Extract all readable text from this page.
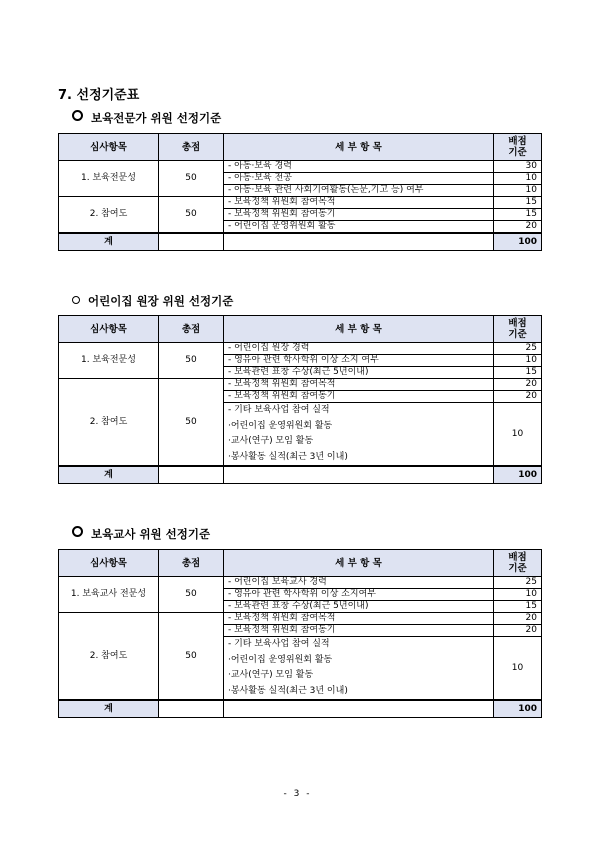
7. 선정기준표
보육전문가 위원 선정기준
심사항목	총점	세 부 항 목	배점
기준

1. 보육전문성	50	- 아동·보육 경력	30
		- 아동·보육 전공	10
		- 아동·보육 관련 사회기여활동(논문,기고 등) 여부	10
2. 참여도	50	- 보육정책 위원회 참여목적	15
		- 보육정책 위원회 참여동기	15
		- 어린이집 운영위원회 활동	20
계			100
어린이집 원장 위원 선정기준
심사항목	총점	세 부 항 목	배점
기준

1. 보육전문성	50	- 어린이집 원장 경력	25
		- 영유아 관련 학사학위 이상 소지 여부	10
		- 보육관련 표창 수상(최근 5년이내)	15
2. 참여도	50	- 보육정책 위원회 참여목적	20
		- 보육정책 위원회 참여동기	20

		- 기타 보육사업 참여 실적
·어린이집 운영위원회 활동
·교사(연구) 모임 활동
·봉사활동 실적(최근 3년 이내)	10
계			100
보육교사 위원 선정기준
심사항목	총점	세 부 항 목	배점
기준

1. 보육교사 전문성	50	- 어린이집 보육교사 경력	25
		- 영유아 관련 학사학위 이상 소지여부	10
		- 보육관련 표창 수상(최근 5년이내)	15
2. 참여도	50	- 보육정책 위원회 참여목적	20
		- 보육정책 위원회 참여동기	20

		- 기타 보육사업 참여 실적
·어린이집 운영위원회 활동
·교사(연구) 모임 활동
·봉사활동 실적(최근 3년 이내)	10
계			100
- 3 -
